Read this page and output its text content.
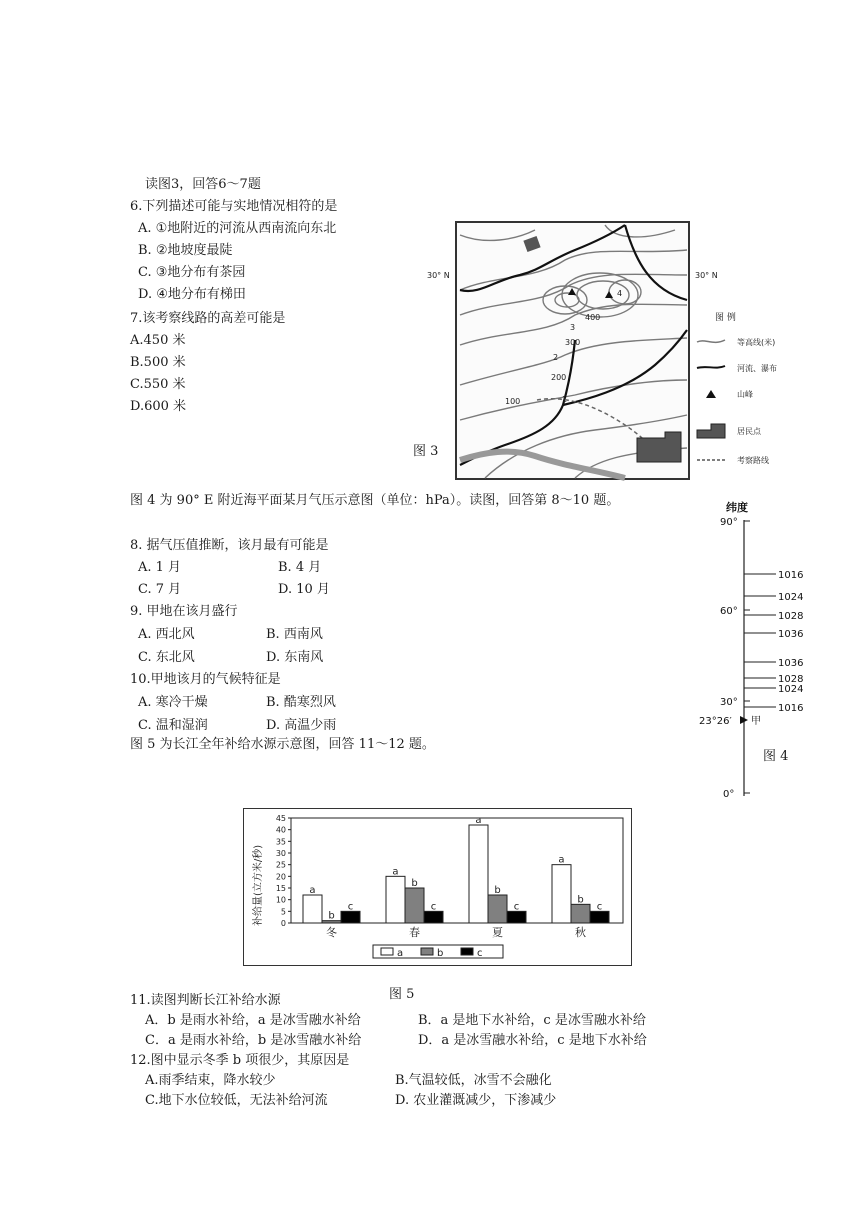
读图3，回答6～7题
6.下列描述可能与实地情况相符的是
A. ①地附近的河流从西南流向东北
B. ②地坡度最陡
C. ③地分布有茶园
D. ④地分布有梯田
7.该考察线路的高差可能是
A.450 米
B.500 米
C.550 米
D.600 米
图 3
30° N	30° N
100
200
300
400
1
2
3
4
图 例
等高线(米)
河流、瀑布
山峰
居民点
考察路线
图 4 为 90° E 附近海平面某月气压示意图（单位：hPa）。读图，回答第 8～10 题。
8. 据气压值推断，该月最有可能是
A. 1 月	B. 4 月
C. 7 月	D. 10 月
9. 甲地在该月盛行
A. 西北风	B. 西南风
C. 东北风	D. 东南风
10.甲地该月的气候特征是
A. 寒冷干燥	B. 酷寒烈风
C. 温和湿润	D. 高温少雨
图 4
纬度
90°
60°
30°
0°
23°26′ 甲
1016
1024
1028
1036
1036
1028
1024
1016
图 5 为长江全年补给水源示意图，回答 11～12 题。
补给量(立方米/秒) 0
5
10
15
20
25
30
35
40
45
a
b
c
a
b
c
a
b
c
a
b
c
冬	春	夏	秋
a	b	c
图 5
11.读图判断长江补给水源
A．b 是雨水补给，a 是冰雪融水补给	B．a 是地下水补给，c 是冰雪融水补给
C．a 是雨水补给，b 是冰雪融水补给	D．a 是冰雪融水补给，c 是地下水补给
12.图中显示冬季 b 项很少，其原因是
A.雨季结束，降水较少	B.气温较低，冰雪不会融化
C.地下水位较低，无法补给河流	D. 农业灌溉减少，下渗减少
